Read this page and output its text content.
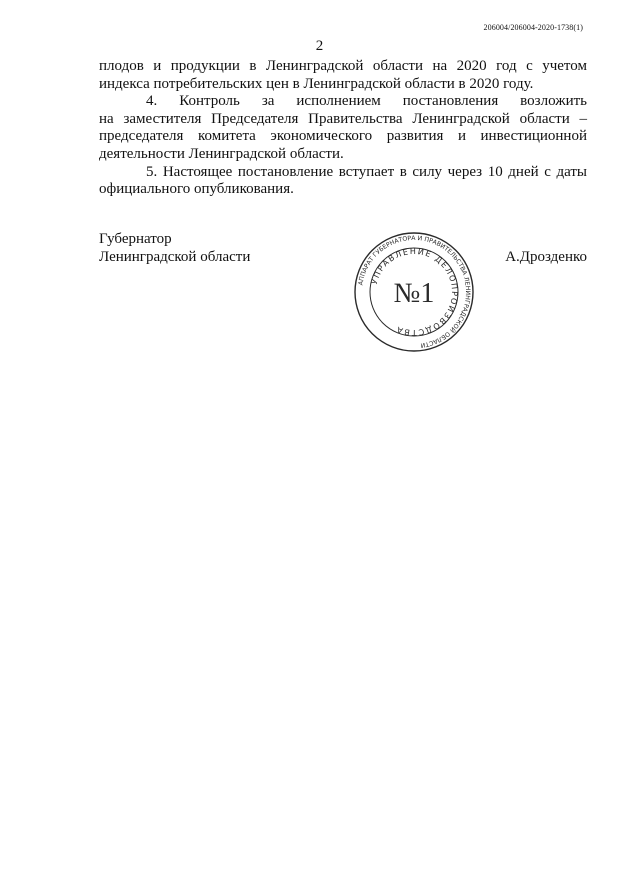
206004/206004-2020-1738(1)
2

плодов и продукции в Ленинградской области на 2020 год с учетом
индекса потребительских цен в Ленинградской области в 2020 году.

4. Контроль за исполнением постановления возложить
на заместителя Председателя Правительства Ленинградской области –
председателя комитета экономического развития и инвестиционной
деятельности Ленинградской области.

5. Настоящее постановление вступает в силу через 10 дней с даты
официального опубликования.

Губернатор
Ленинградской области
АППАРАТ ГУБЕРНАТОРА И ПРАВИТЕЛЬСТВА ЛЕНИНГРАДСКОЙ ОБЛАСТИ
УПРАВЛЕНИЕ ДЕЛОПРОИЗВОДСТВА
№1
А.Дрозденко
